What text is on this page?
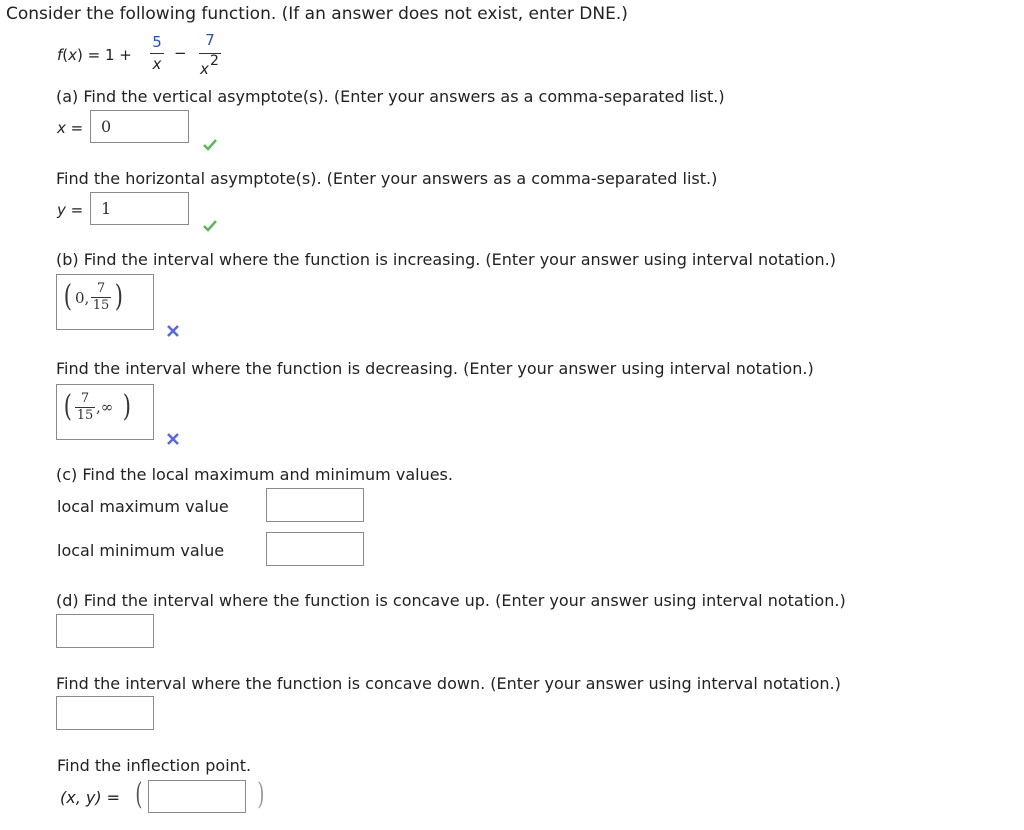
Consider the following function. (If an answer does not exist, enter DNE.)
f(x) = 1 +
5
x
−
7
x 2
(a) Find the vertical asymptote(s). (Enter your answers as a comma-separated list.)
x = 0
Find the horizontal asymptote(s). (Enter your answers as a comma-separated list.)
y = 1
(b) Find the interval where the function is increasing. (Enter your answer using interval notation.)
( 0,
7
15 )
Find the interval where the function is decreasing. (Enter your answer using interval notation.)
( 7
15 ,∞ )
(c) Find the local maximum and minimum values.
local maximum value
local minimum value
(d) Find the interval where the function is concave up. (Enter your answer using interval notation.)
Find the interval where the function is concave down. (Enter your answer using interval notation.)
Find the inflection point.
(x, y) = (	)
